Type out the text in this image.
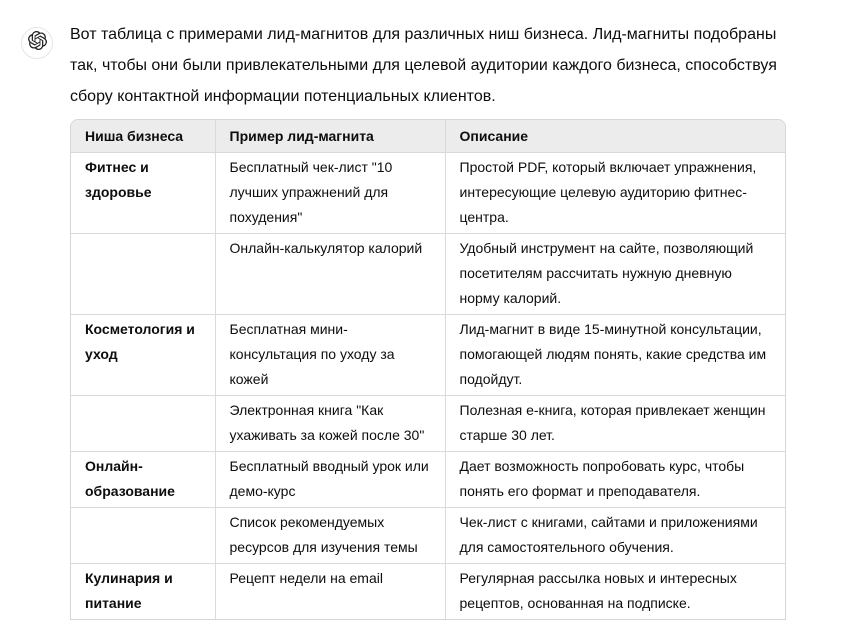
Вот таблица с примерами лид-магнитов для различных ниш бизнеса. Лид-магниты подобраны
так, чтобы они были привлекательными для целевой аудитории каждого бизнеса, способствуя
сбору контактной информации потенциальных клиентов.
Ниша бизнеса	Пример лид-магнита	Описание
Фитнес и здоровье	Бесплатный чек-лист "10 лучших упражнений для похудения"	Простой PDF, который включает упражнения, интересующие целевую аудиторию фитнес-центра.
	Онлайн-калькулятор калорий	Удобный инструмент на сайте, позволяющий посетителям рассчитать нужную дневную норму калорий.
Косметология и уход	Бесплатная мини-консультация по уходу за кожей	Лид-магнит в виде 15-минутной консультации, помогающей людям понять, какие средства им подойдут.
	Электронная книга "Как ухаживать за кожей после 30"	Полезная е-книга, которая привлекает женщин старше 30 лет.
Онлайн-образование	Бесплатный вводный урок или демо-курс	Дает возможность попробовать курс, чтобы понять его формат и преподавателя.
	Список рекомендуемых ресурсов для изучения темы	Чек-лист с книгами, сайтами и приложениями для самостоятельного обучения.
Кулинария и питание	Рецепт недели на email	Регулярная рассылка новых и интересных рецептов, основанная на подписке.
